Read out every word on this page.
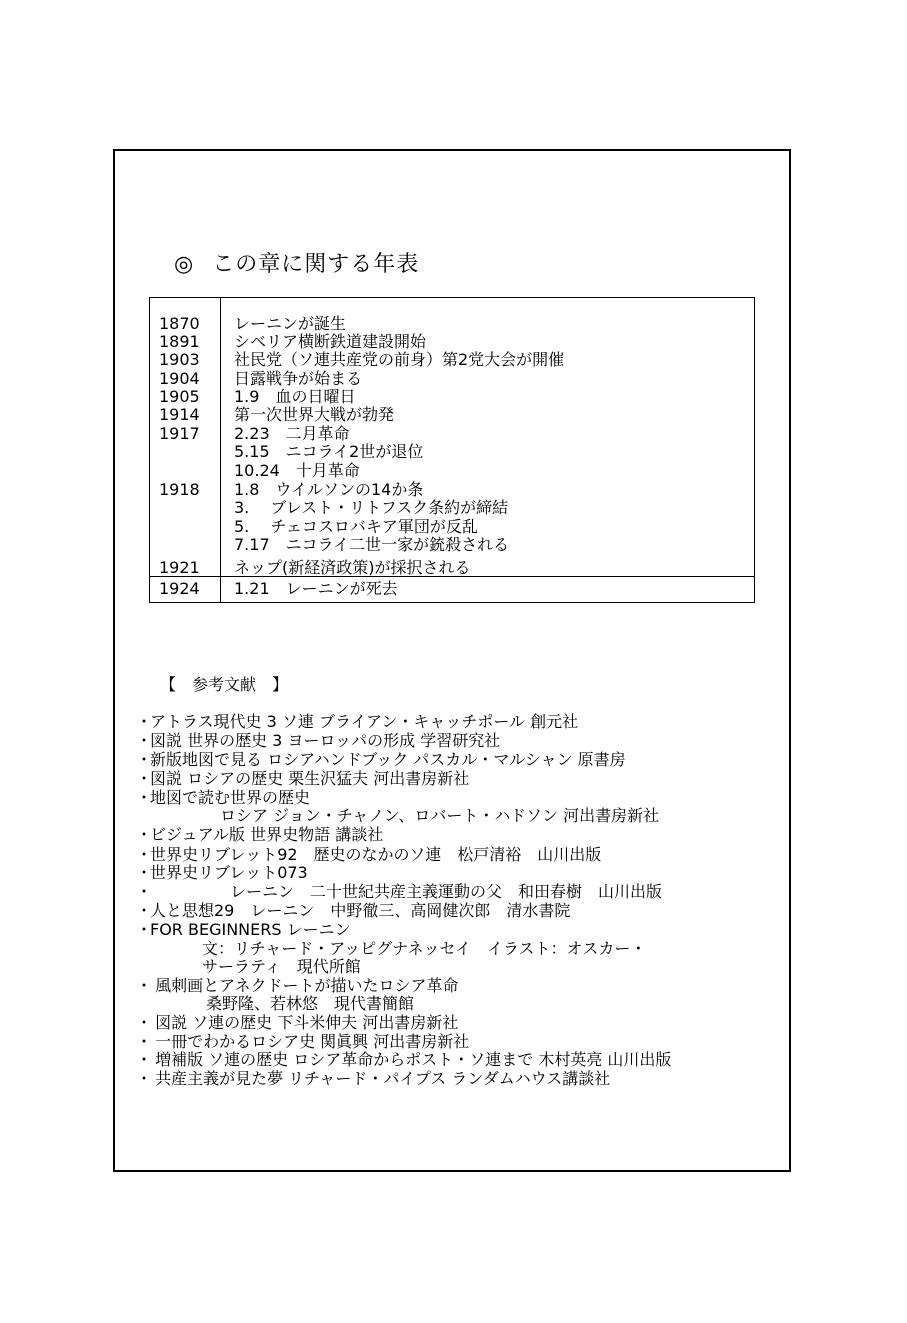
◎ この章に関する年表
1870	レーニンが誕生
1891	シベリア横断鉄道建設開始
1903	社民党（ソ連共産党の前身）第2党大会が開催
1904	日露戦争が始まる
1905	1.9　血の日曜日
1914	第一次世界大戦が勃発
1917	2.23　二月革命
5.15　ニコライ2世が退位
10.24　十月革命
1918	1.8　ウイルソンの14か条
3.　 ブレスト・リトフスク条約が締結
5.　 チェコスロバキア軍団が反乱
7.17　ニコライ二世一家が銃殺される
1921	ネップ(新経済政策)が採択される
1924	1.21　レーニンが死去
【　参考文献　】
・アトラス現代史 3 ソ連 ブライアン・キャッチポール 創元社
・図説 世界の歴史 3 ヨーロッパの形成 学習研究社
・新版地図で見る ロシアハンドブック パスカル・マルシャン 原書房
・図説 ロシアの歴史 栗生沢猛夫 河出書房新社
・地図で読む世界の歴史
ロシア ジョン・チャノン、ロバート・ハドソン 河出書房新社
・ビジュアル版 世界史物語 講談社
・世界史リブレット92　歴史のなかのソ連　松戸清裕　山川出版
・世界史リブレット073
・	レーニン　二十世紀共産主義運動の父　和田春樹　山川出版
・人と思想29　レーニン　中野徹三、高岡健次郎　清水書院
・FOR BEGINNERS レーニン
文：リチャード・アッピグナネッセイ　イラスト：オスカー・
サーラティ　現代所館
・ 風刺画とアネクドートが描いたロシア革命
桑野隆、若林悠　現代書簡館
・ 図説 ソ連の歴史 下斗米伸夫 河出書房新社
・ 一冊でわかるロシア史 関眞興 河出書房新社
・ 増補版 ソ連の歴史 ロシア革命からポスト・ソ連まで 木村英亮 山川出版
・ 共産主義が見た夢 リチャード・パイプス ランダムハウス講談社
